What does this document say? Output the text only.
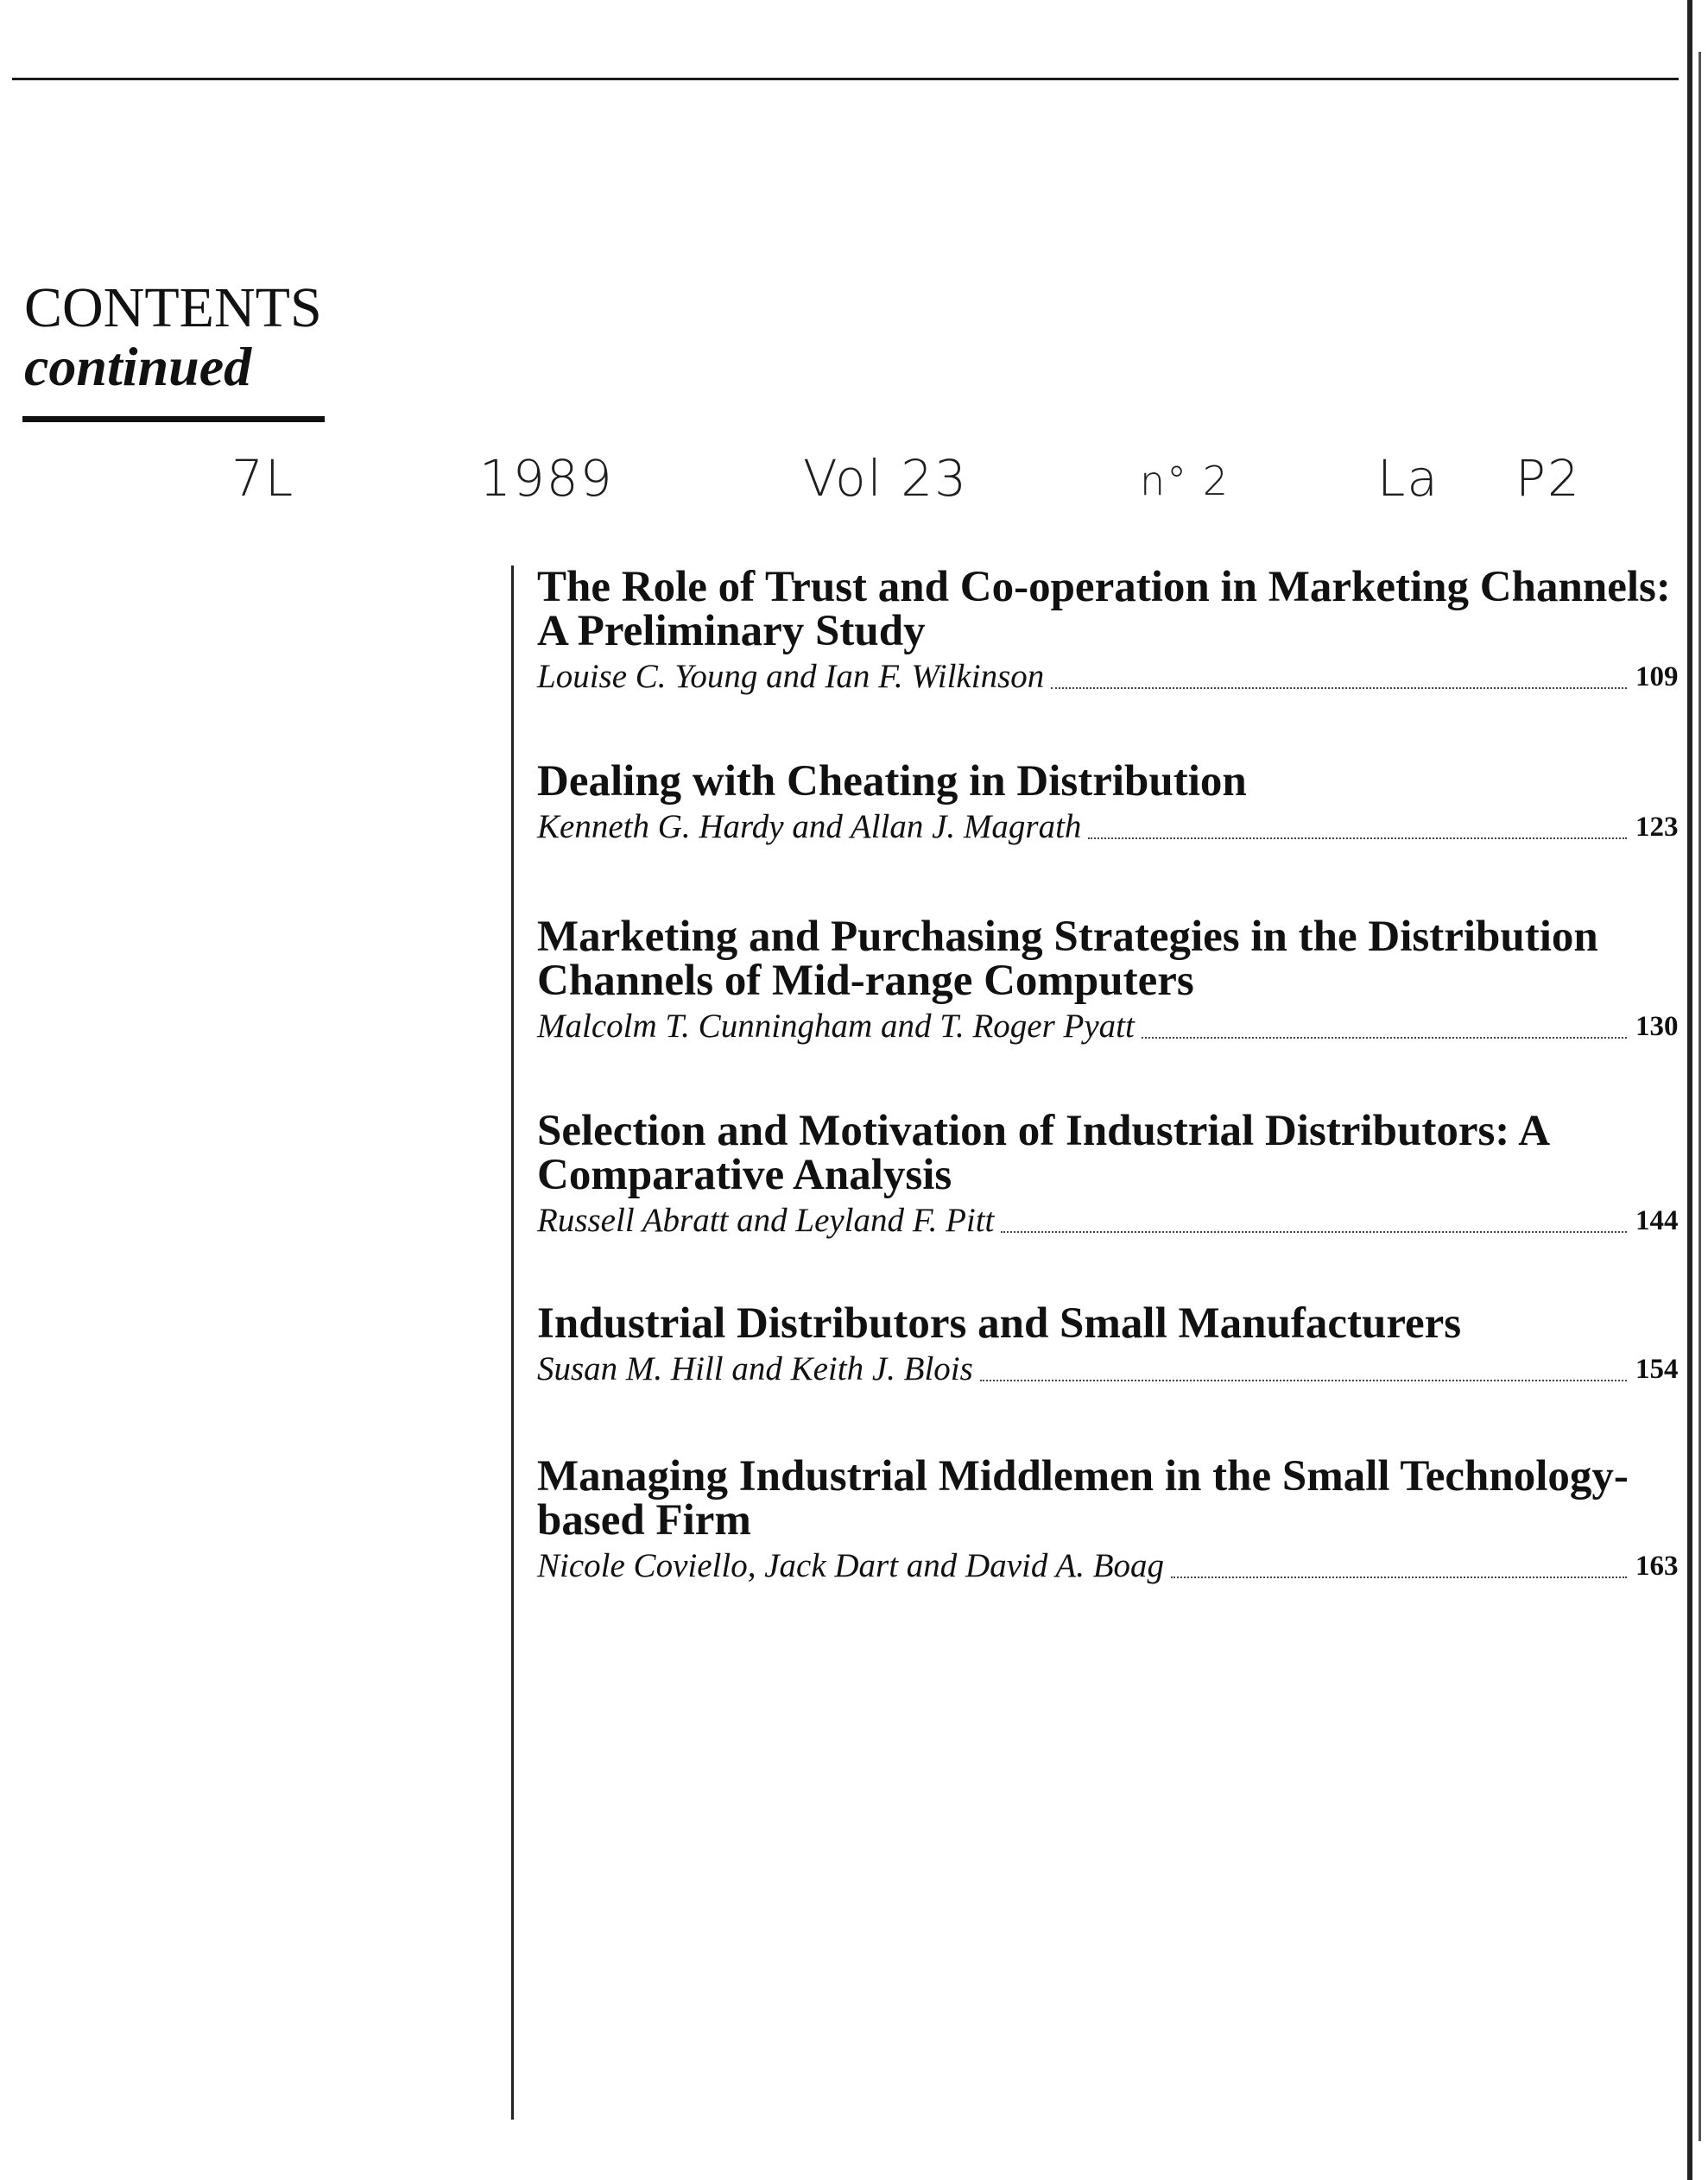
CONTENTS
continued
7L	1989	Vol 23	n° 2	La P2
The Role of Trust and Co-operation in Marketing Channels: A Preliminary Study
Louise C. Young and Ian F. Wilkinson	109
Dealing with Cheating in Distribution
Kenneth G. Hardy and Allan J. Magrath	123
Marketing and Purchasing Strategies in the Distribution Channels of Mid-range Computers
Malcolm T. Cunningham and T. Roger Pyatt	130
Selection and Motivation of Industrial Distributors: A Comparative Analysis
Russell Abratt and Leyland F. Pitt	144
Industrial Distributors and Small Manufacturers
Susan M. Hill and Keith J. Blois	154
Managing Industrial Middlemen in the Small Technology-based Firm
Nicole Coviello, Jack Dart and David A. Boag	163
